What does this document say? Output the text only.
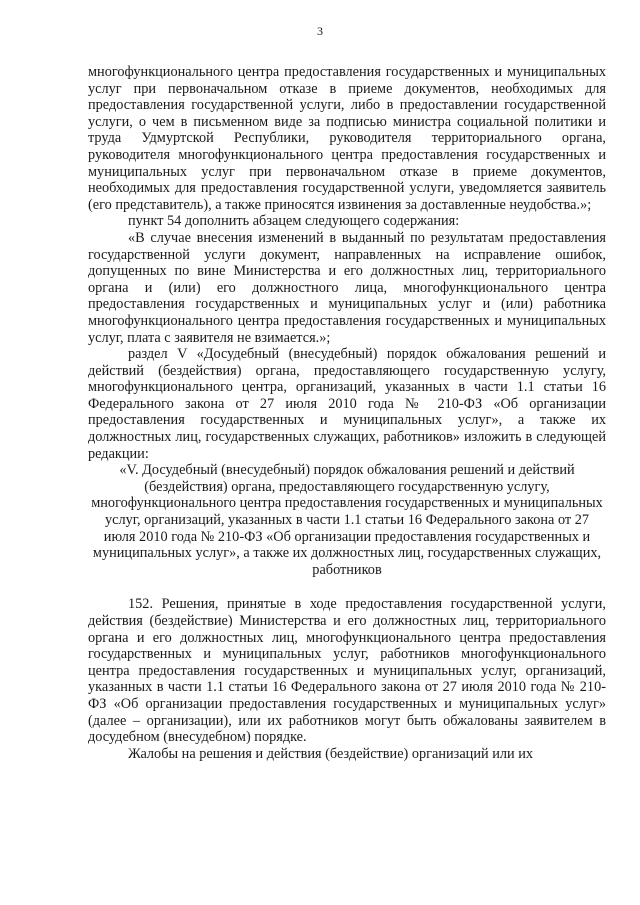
3

многофункционального центра предоставления государственных и муниципальных услуг при первоначальном отказе в приеме документов, необходимых для предоставления государственной услуги, либо в предоставлении государственной услуги, о чем в письменном виде за подписью министра социальной политики и труда Удмуртской Республики, руководителя территориального органа, руководителя многофункционального центра предоставления государственных и муниципальных услуг при первоначальном отказе в приеме документов, необходимых для предоставления государственной услуги, уведомляется заявитель (его представитель), а также приносятся извинения за доставленные неудобства.»;

пункт 54 дополнить абзацем следующего содержания:

«В случае внесения изменений в выданный по результатам предоставления государственной услуги документ, направленных на исправление ошибок, допущенных по вине Министерства и его должностных лиц, территориального органа и (или) его должностного лица, многофункционального центра предоставления государственных и муниципальных услуг и (или) работника многофункционального центра предоставления государственных и муниципальных услуг, плата с заявителя не взимается.»;

раздел V «Досудебный (внесудебный) порядок обжалования решений и действий (бездействия) органа, предоставляющего государственную услугу, многофункционального центра, организаций, указанных в части 1.1 статьи 16 Федерального закона от 27 июля 2010 года № 210-ФЗ «Об организации предоставления государственных и муниципальных услуг», а также их должностных лиц, государственных служащих, работников» изложить в следующей редакции:

«V. Досудебный (внесудебный) порядок обжалования решений и действий (бездействия) органа, предоставляющего государственную услугу, многофункционального центра предоставления государственных и муниципальных услуг, организаций, указанных в части 1.1 статьи 16 Федерального закона от 27 июля 2010 года № 210-ФЗ «Об организации предоставления государственных и муниципальных услуг», а также их должностных лиц, государственных служащих, работников

152. Решения, принятые в ходе предоставления государственной услуги, действия (бездействие) Министерства и его должностных лиц, территориального органа и его должностных лиц, многофункционального центра предоставления государственных и муниципальных услуг, работников многофункционального центра предоставления государственных и муниципальных услуг, организаций, указанных в части 1.1 статьи 16 Федерального закона от 27 июля 2010 года № 210-ФЗ «Об организации предоставления государственных и муниципальных услуг» (далее – организации), или их работников могут быть обжалованы заявителем в досудебном (внесудебном) порядке.

Жалобы на решения и действия (бездействие) организаций или их
